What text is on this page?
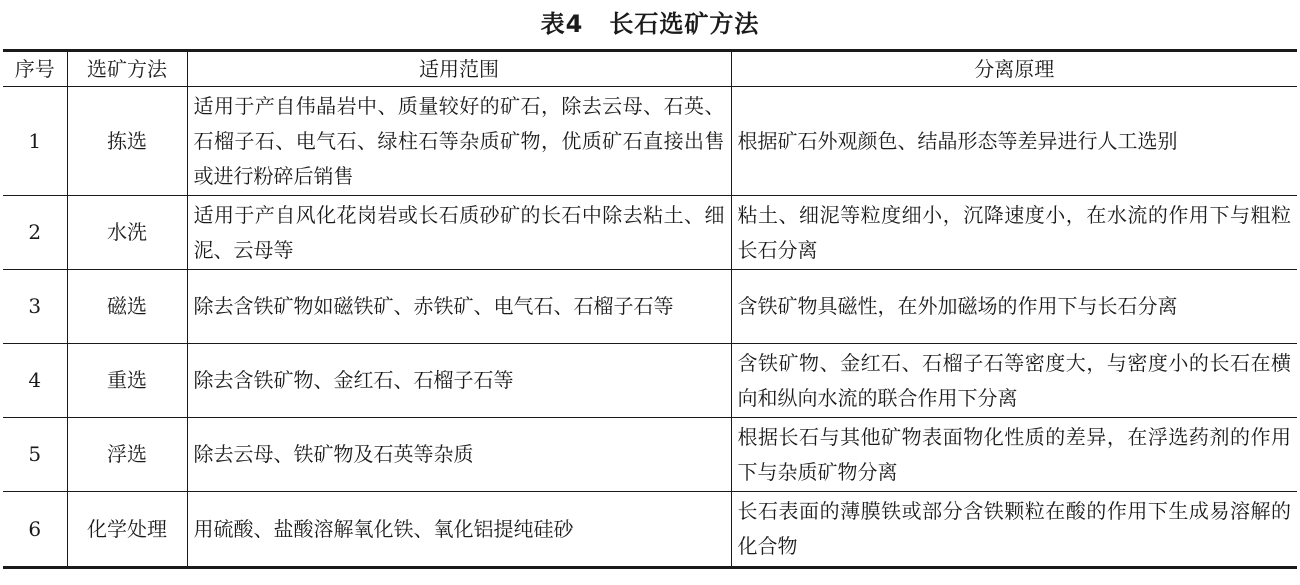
表4 长石选矿方法
序号	选矿方法	适用范围	分离原理
1	拣选	适用于产自伟晶岩中、质量较好的矿石，除去云母、石英、石榴子石、电气石、绿柱石等杂质矿物，优质矿石直接出售或进行粉碎后销售	根据矿石外观颜色、结晶形态等差异进行人工选别
2	水洗	适用于产自风化花岗岩或长石质砂矿的长石中除去粘土、细泥、云母等	粘土、细泥等粒度细小，沉降速度小，在水流的作用下与粗粒长石分离
3	磁选	除去含铁矿物如磁铁矿、赤铁矿、电气石、石榴子石等	含铁矿物具磁性，在外加磁场的作用下与长石分离
4	重选	除去含铁矿物、金红石、石榴子石等	含铁矿物、金红石、石榴子石等密度大，与密度小的长石在横向和纵向水流的联合作用下分离
5	浮选	除去云母、铁矿物及石英等杂质	根据长石与其他矿物表面物化性质的差异，在浮选药剂的作用下与杂质矿物分离
6	化学处理	用硫酸、盐酸溶解氧化铁、氧化铝提纯硅砂	长石表面的薄膜铁或部分含铁颗粒在酸的作用下生成易溶解的化合物
